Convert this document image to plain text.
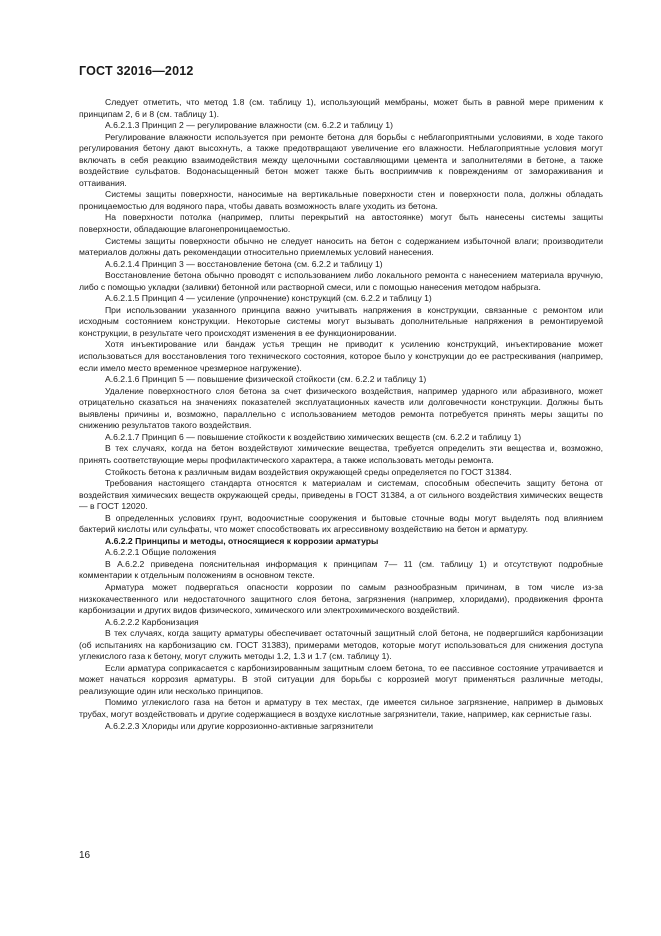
ГОСТ 32016—2012

Следует отметить, что метод 1.8 (см. таблицу 1), использующий мембраны, может быть в равной мере применим к принципам 2, 6 и 8 (см. таблицу 1).

А.6.2.1.3 Принцип 2 — регулирование влажности (см. 6.2.2 и таблицу 1)

Регулирование влажности используется при ремонте бетона для борьбы с неблагоприятными условиями, в ходе такого регулирования бетону дают высохнуть, а также предотвращают увеличение его влажности. Неблагоприятные условия могут включать в себя реакцию взаимодействия между щелочными составляющими цемента и заполнителями в бетоне, а также воздействие сульфатов. Водонасыщенный бетон может также быть восприимчив к повреждениям от замораживания и оттаивания.

Системы защиты поверхности, наносимые на вертикальные поверхности стен и поверхности пола, должны обладать проницаемостью для водяного пара, чтобы давать возможность влаге уходить из бетона.

На поверхности потолка (например, плиты перекрытий на автостоянке) могут быть нанесены системы защиты поверхности, обладающие влагонепроницаемостью.

Системы защиты поверхности обычно не следует наносить на бетон с содержанием избыточной влаги; производители материалов должны дать рекомендации относительно приемлемых условий нанесения.

А.6.2.1.4 Принцип 3 — восстановление бетона (см. 6.2.2 и таблицу 1)

Восстановление бетона обычно проводят с использованием либо локального ремонта с нанесением материала вручную, либо с помощью укладки (заливки) бетонной или растворной смеси, или с помощью нанесения методом набрызга.

А.6.2.1.5 Принцип 4 — усиление (упрочнение) конструкций (см. 6.2.2 и таблицу 1)

При использовании указанного принципа важно учитывать напряжения в конструкции, связанные с ремонтом или исходным состоянием конструкции. Некоторые системы могут вызывать дополнительные напряжения в ремонтируемой конструкции, в результате чего происходят изменения в ее функционировании.

Хотя инъектирование или бандаж устья трещин не приводит к усилению конструкций, инъектирование может использоваться для восстановления того технического состояния, которое было у конструкции до ее растрескивания (например, если имело место временное чрезмерное нагружение).

А.6.2.1.6 Принцип 5 — повышение физической стойкости (см. 6.2.2 и таблицу 1)

Удаление поверхностного слоя бетона за счет физического воздействия, например ударного или абразивного, может отрицательно сказаться на значениях показателей эксплуатационных качеств или долговечности конструкции. Должны быть выявлены причины и, возможно, параллельно с использованием методов ремонта потребуется принять меры защиты по снижению результатов такого воздействия.

А.6.2.1.7 Принцип 6 — повышение стойкости к воздействию химических веществ (см. 6.2.2 и таблицу 1)

В тех случаях, когда на бетон воздействуют химические вещества, требуется определить эти вещества и, возможно, принять соответствующие меры профилактического характера, а также использовать методы ремонта.

Стойкость бетона к различным видам воздействия окружающей среды определяется по ГОСТ 31384.

Требования настоящего стандарта относятся к материалам и системам, способным обеспечить защиту бетона от воздействия химических веществ окружающей среды, приведены в ГОСТ 31384, а от сильного воздействия химических веществ — в ГОСТ 12020.

В определенных условиях грунт, водоочистные сооружения и бытовые сточные воды могут выделять под влиянием бактерий кислоты или сульфаты, что может способствовать их агрессивному воздействию на бетон и арматуру.

А.6.2.2 Принципы и методы, относящиеся к коррозии арматуры

А.6.2.2.1 Общие положения

В А.6.2.2 приведена пояснительная информация к принципам 7— 11 (см. таблицу 1) и отсутствуют подробные комментарии к отдельным положениям в основном тексте.

Арматура может подвергаться опасности коррозии по самым разнообразным причинам, в том числе из-за низкокачественного или недостаточного защитного слоя бетона, загрязнения (например, хлоридами), продвижения фронта карбонизации и других видов физического, химического или электрохимического воздействий.

А.6.2.2.2 Карбонизация

В тех случаях, когда защиту арматуры обеспечивает остаточный защитный слой бетона, не подвергшийся карбонизации (об испытаниях на карбонизацию см. ГОСТ 31383), примерами методов, которые могут использоваться для снижения доступа углекислого газа к бетону, могут служить методы 1.2, 1.3 и 1.7 (см. таблицу 1).

Если арматура соприкасается с карбонизированным защитным слоем бетона, то ее пассивное состояние утрачивается и может начаться коррозия арматуры. В этой ситуации для борьбы с коррозией могут применяться различные методы, реализующие один или несколько принципов.

Помимо углекислого газа на бетон и арматуру в тех местах, где имеется сильное загрязнение, например в дымовых трубах, могут воздействовать и другие содержащиеся в воздухе кислотные загрязнители, такие, например, как сернистые газы.

А.6.2.2.3 Хлориды или другие коррозионно-активные загрязнители

16
